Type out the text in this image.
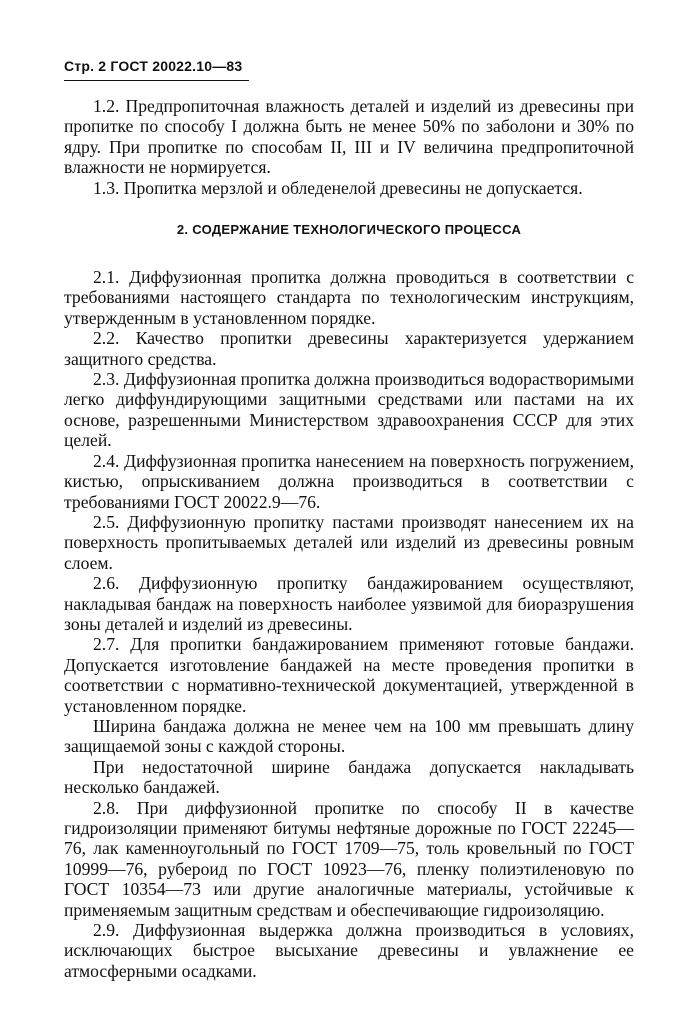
Стр. 2 ГОСТ 20022.10—83

1.2. Предпропиточная влажность деталей и изделий из древесины при пропитке по способу I должна быть не менее 50% по заболони и 30% по ядру. При пропитке по способам II, III и IV величина предпропиточной влажности не нормируется.

1.3. Пропитка мерзлой и обледенелой древесины не допускается.

2. СОДЕРЖАНИЕ ТЕХНОЛОГИЧЕСКОГО ПРОЦЕССА

2.1. Диффузионная пропитка должна проводиться в соответствии с требованиями настоящего стандарта по технологическим инструкциям, утвержденным в установленном порядке.

2.2. Качество пропитки древесины характеризуется удержанием защитного средства.

2.3. Диффузионная пропитка должна производиться водорастворимыми легко диффундирующими защитными средствами или пастами на их основе, разрешенными Министерством здравоохранения СССР для этих целей.

2.4. Диффузионная пропитка нанесением на поверхность погружением, кистью, опрыскиванием должна производиться в соответствии с требованиями ГОСТ 20022.9—76.

2.5. Диффузионную пропитку пастами производят нанесением их на поверхность пропитываемых деталей или изделий из древесины ровным слоем.

2.6. Диффузионную пропитку бандажированием осуществляют, накладывая бандаж на поверхность наиболее уязвимой для биоразрушения зоны деталей и изделий из древесины.

2.7. Для пропитки бандажированием применяют готовые бандажи. Допускается изготовление бандажей на месте проведения пропитки в соответствии с нормативно-технической документацией, утвержденной в установленном порядке.

Ширина бандажа должна не менее чем на 100 мм превышать длину защищаемой зоны с каждой стороны.

При недостаточной ширине бандажа допускается накладывать несколько бандажей.

2.8. При диффузионной пропитке по способу II в качестве гидроизоляции применяют битумы нефтяные дорожные по ГОСТ 22245—76, лак каменноугольный по ГОСТ 1709—75, толь кровельный по ГОСТ 10999—76, рубероид по ГОСТ 10923—76, пленку полиэтиленовую по ГОСТ 10354—73 или другие аналогичные материалы, устойчивые к применяемым защитным средствам и обеспечивающие гидроизоляцию.

2.9. Диффузионная выдержка должна производиться в условиях, исключающих быстрое высыхание древесины и увлажнение ее атмосферными осадками.
